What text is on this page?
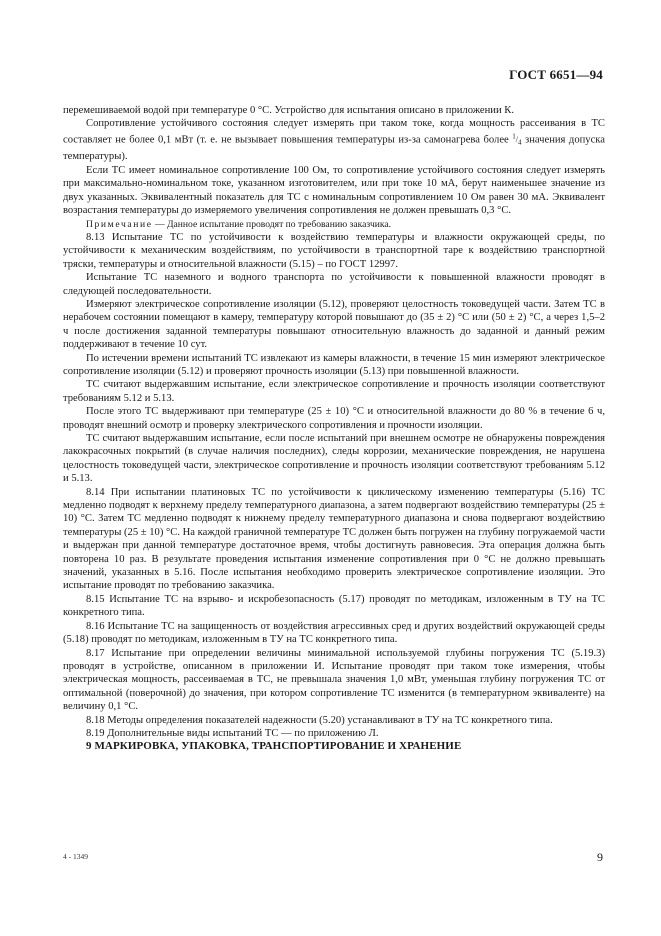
ГОСТ 6651—94

перемешиваемой водой при температуре 0 °С. Устройство для испытания описано в приложении К.

Сопротивление устойчивого состояния следует измерять при таком токе, когда мощность рассеивания в ТС составляет не более 0,1 мВт (т. е. не вызывает повышения температуры из-за самонагрева более $^1/_4$ значения допуска температуры).

Если ТС имеет номинальное сопротивление 100 Ом, то сопротивление устойчивого состояния следует измерять при максимально-номинальном токе, указанном изготовителем, или при токе 10 мА, берут наименьшее значение из двух указанных. Эквивалентный показатель для ТС с номинальным сопротивлением 10 Ом равен 30 мА. Эквивалент возрастания температуры до измеряемого увеличения сопротивления не должен превышать 0,3 °С.

Примечание — Данное испытание проводят по требованию заказчика.

8.13 Испытание ТС по устойчивости к воздействию температуры и влажности окружающей среды, по устойчивости к механическим воздействиям, по устойчивости в транспортной таре к воздействию транспортной тряски, температуры и относительной влажности (5.15) – по ГОСТ 12997.

Испытание ТС наземного и водного транспорта по устойчивости к повышенной влажности проводят в следующей последовательности.

Измеряют электрическое сопротивление изоляции (5.12), проверяют целостность токоведущей части. Затем ТС в нерабочем состоянии помещают в камеру, температуру которой повышают до (35 ± 2) °С или (50 ± 2) °С, а через 1,5–2 ч после достижения заданной температуры повышают относительную влажность до заданной и данный режим поддерживают в течение 10 сут.

По истечении времени испытаний ТС извлекают из камеры влажности, в течение 15 мин измеряют электрическое сопротивление изоляции (5.12) и проверяют прочность изоляции (5.13) при повышенной влажности.

ТС считают выдержавшим испытание, если электрическое сопротивление и прочность изоляции соответствуют требованиям 5.12 и 5.13.

После этого ТС выдерживают при температуре (25 ± 10) °С и относительной влажности до 80 % в течение 6 ч, проводят внешний осмотр и проверку электрического сопротивления и прочности изоляции.

ТС считают выдержавшим испытание, если после испытаний при внешнем осмотре не обнаружены повреждения лакокрасочных покрытий (в случае наличия последних), следы коррозии, механические повреждения, не нарушена целостность токоведущей части, электрическое сопротивление и прочность изоляции соответствуют требованиям 5.12 и 5.13.

8.14 При испытании платиновых ТС по устойчивости к циклическому изменению температуры (5.16) ТС медленно подводят к верхнему пределу температурного диапазона, а затем подвергают воздействию температуры (25 ± 10) °С. Затем ТС медленно подводят к нижнему пределу температурного диапазона и снова подвергают воздействию температуры (25 ± 10) °С. На каждой граничной температуре ТС должен быть погружен на глубину погружаемой части и выдержан при данной температуре достаточное время, чтобы достигнуть равновесия. Эта операция должна быть повторена 10 раз. В результате проведения испытания изменение сопротивления при 0 °С не должно превышать значений, указанных в 5.16. После испытания необходимо проверить электрическое сопротивление изоляции. Это испытание проводят по требованию заказчика.

8.15 Испытание ТС на взрыво- и искробезопасность (5.17) проводят по методикам, изложенным в ТУ на ТС конкретного типа.

8.16 Испытание ТС на защищенность от воздействия агрессивных сред и других воздействий окружающей среды (5.18) проводят по методикам, изложенным в ТУ на ТС конкретного типа.

8.17 Испытание при определении величины минимальной используемой глубины погружения ТС (5.19.3) проводят в устройстве, описанном в приложении И. Испытание проводят при таком токе измерения, чтобы электрическая мощность, рассеиваемая в ТС, не превышала значения 1,0 мВт, уменьшая глубину погружения ТС от оптимальной (поверочной) до значения, при котором сопротивление ТС изменится (в температурном эквиваленте) на величину 0,1 °С.

8.18 Методы определения показателей надежности (5.20) устанавливают в ТУ на ТС конкретного типа.

8.19 Дополнительные виды испытаний ТС — по приложению Л.

9 МАРКИРОВКА, УПАКОВКА, ТРАНСПОРТИРОВАНИЕ И ХРАНЕНИЕ

4 - 1349	9
